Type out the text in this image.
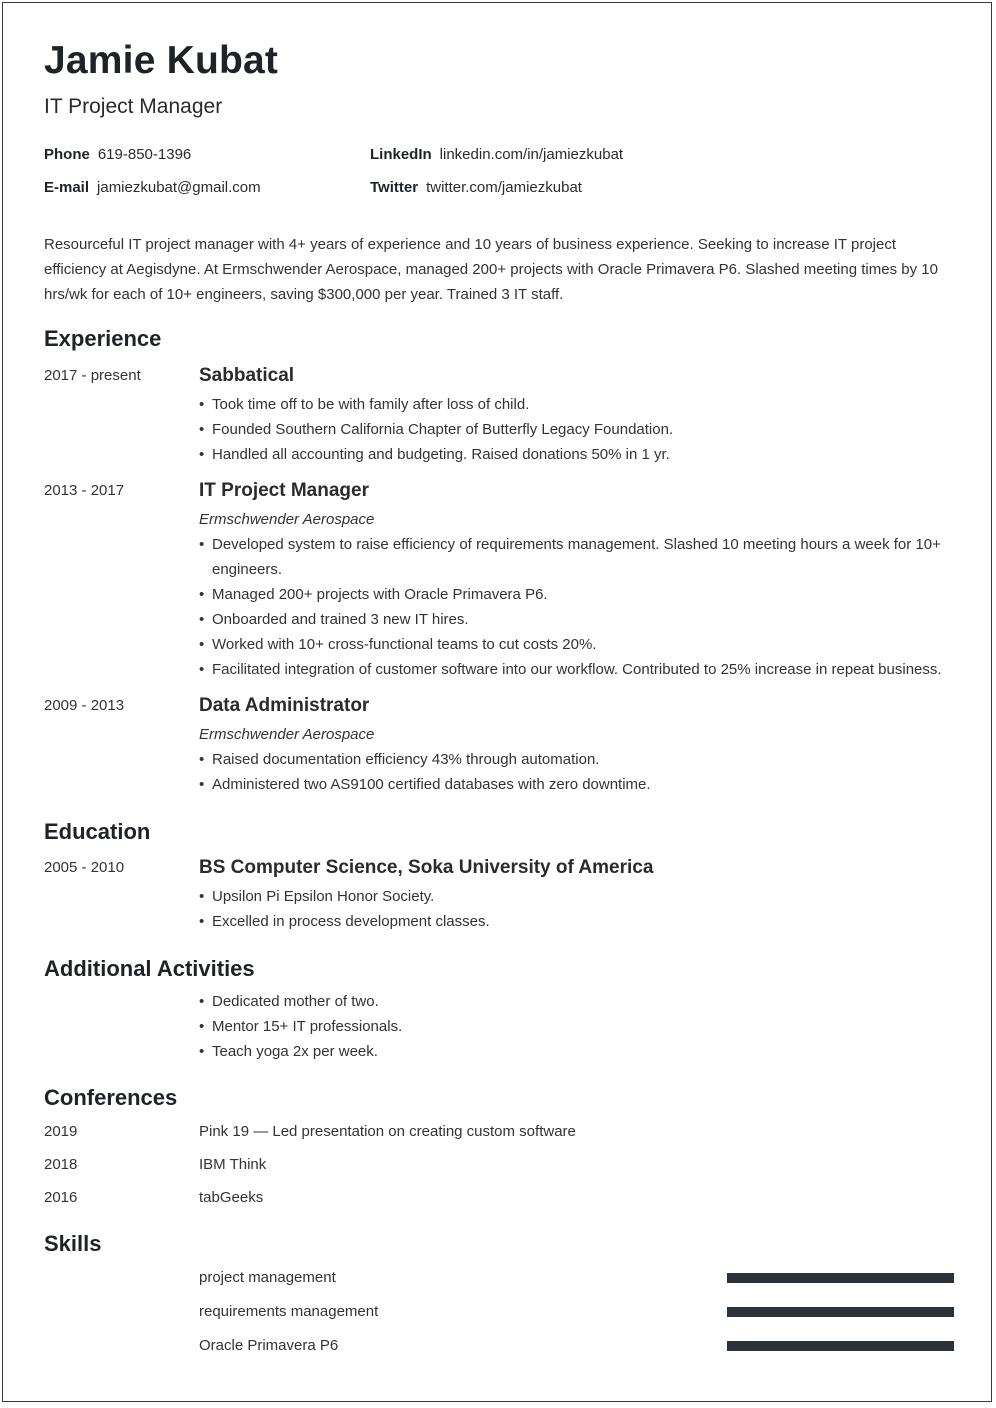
Jamie Kubat
IT Project Manager
Phone 619-850-1396	LinkedIn linkedin.com/in/jamiezkubat
E-mail jamiezkubat@gmail.com	Twitter twitter.com/jamiezkubat
Resourceful IT project manager with 4+ years of experience and 10 years of business experience. Seeking to increase IT project efficiency at Aegisdyne. At Ermschwender Aerospace, managed 200+ projects with Oracle Primavera P6. Slashed meeting times by 10 hrs/wk for each of 10+ engineers, saving $300,000 per year. Trained 3 IT staff.
Experience
2017 - present	Sabbatical
• Took time off to be with family after loss of child.
• Founded Southern California Chapter of Butterfly Legacy Foundation.
• Handled all accounting and budgeting. Raised donations 50% in 1 yr.
2013 - 2017	IT Project Manager
Ermschwender Aerospace
• Developed system to raise efficiency of requirements management. Slashed 10 meeting hours a week for 10+ engineers.
• Managed 200+ projects with Oracle Primavera P6.
• Onboarded and trained 3 new IT hires.
• Worked with 10+ cross-functional teams to cut costs 20%.
• Facilitated integration of customer software into our workflow. Contributed to 25% increase in repeat business.
2009 - 2013	Data Administrator
Ermschwender Aerospace
• Raised documentation efficiency 43% through automation.
• Administered two AS9100 certified databases with zero downtime.
Education
2005 - 2010	BS Computer Science, Soka University of America
• Upsilon Pi Epsilon Honor Society.
• Excelled in process development classes.
Additional Activities
• Dedicated mother of two.
• Mentor 15+ IT professionals.
• Teach yoga 2x per week.
Conferences
2019	Pink 19 — Led presentation on creating custom software
2018	IBM Think
2016	tabGeeks
Skills
project management
requirements management
Oracle Primavera P6
